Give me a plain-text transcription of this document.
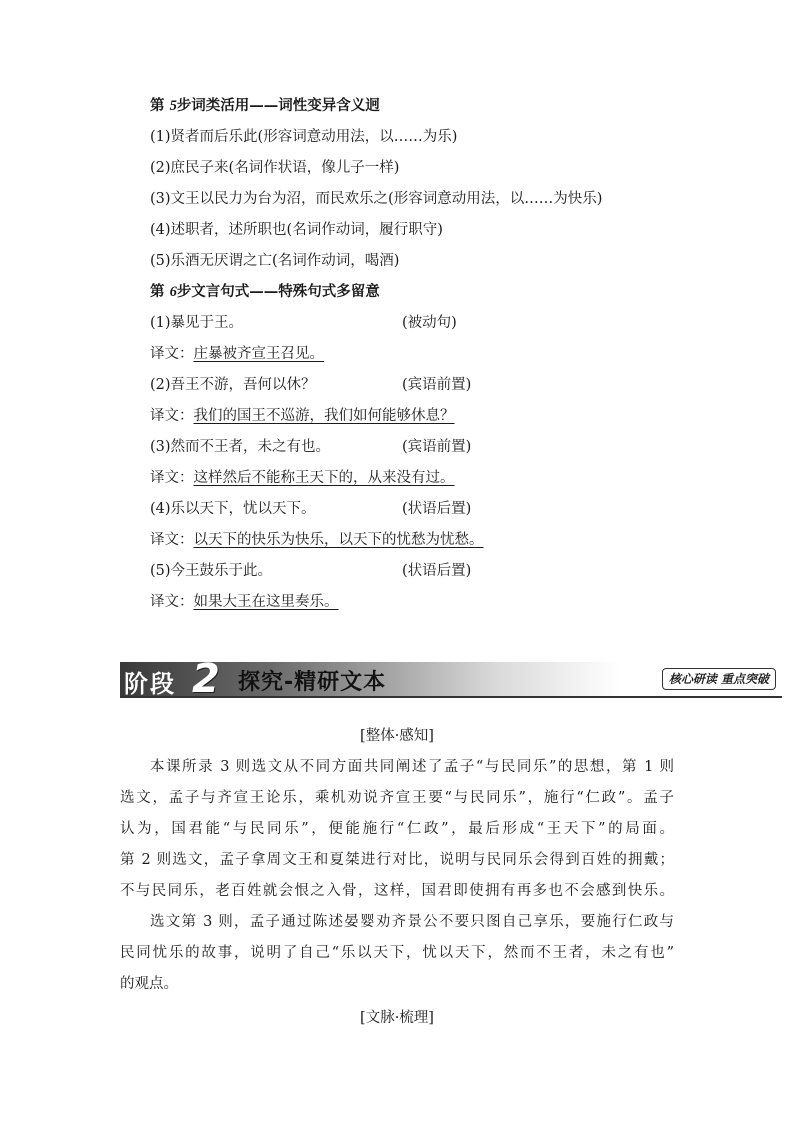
第 5步词类活用——词性变异含义迥
(1)贤者而后乐此(形容词意动用法，以……为乐)
(2)庶民子来(名词作状语，像儿子一样)
(3)文王以民力为台为沼，而民欢乐之(形容词意动用法，以……为快乐)
(4)述职者，述所职也(名词作动词，履行职守)
(5)乐酒无厌谓之亡(名词作动词，喝酒)
第 6步文言句式——特殊句式多留意
(1)暴见于王。	(被动句)
译文：庄暴被齐宣王召见。
(2)吾王不游，吾何以休？	(宾语前置)
译文：我们的国王不巡游，我们如何能够休息？
(3)然而不王者，未之有也。	(宾语前置)
译文：这样然后不能称王天下的，从来没有过。
(4)乐以天下，忧以天下。	(状语后置)
译文：以天下的快乐为快乐，以天下的忧愁为忧愁。
(5)今王鼓乐于此。	(状语后置)
译文：如果大王在这里奏乐。
阶段 2 探究-精研文本	核心研读 重点突破
[整体·感知]
本课所录 3 则选文从不同方面共同阐述了孟子“与民同乐”的思想，第 1 则
选文，孟子与齐宣王论乐，乘机劝说齐宣王要“与民同乐”，施行“仁政”。孟子
认为，国君能“与民同乐”，便能施行“仁政”，最后形成“王天下”的局面。
第 2 则选文，孟子拿周文王和夏桀进行对比，说明与民同乐会得到百姓的拥戴；
不与民同乐，老百姓就会恨之入骨，这样，国君即使拥有再多也不会感到快乐。
选文第 3 则，孟子通过陈述晏婴劝齐景公不要只图自己享乐，要施行仁政与
民同忧乐的故事，说明了自己“乐以天下，忧以天下，然而不王者，未之有也”
的观点。
[文脉·梳理]
